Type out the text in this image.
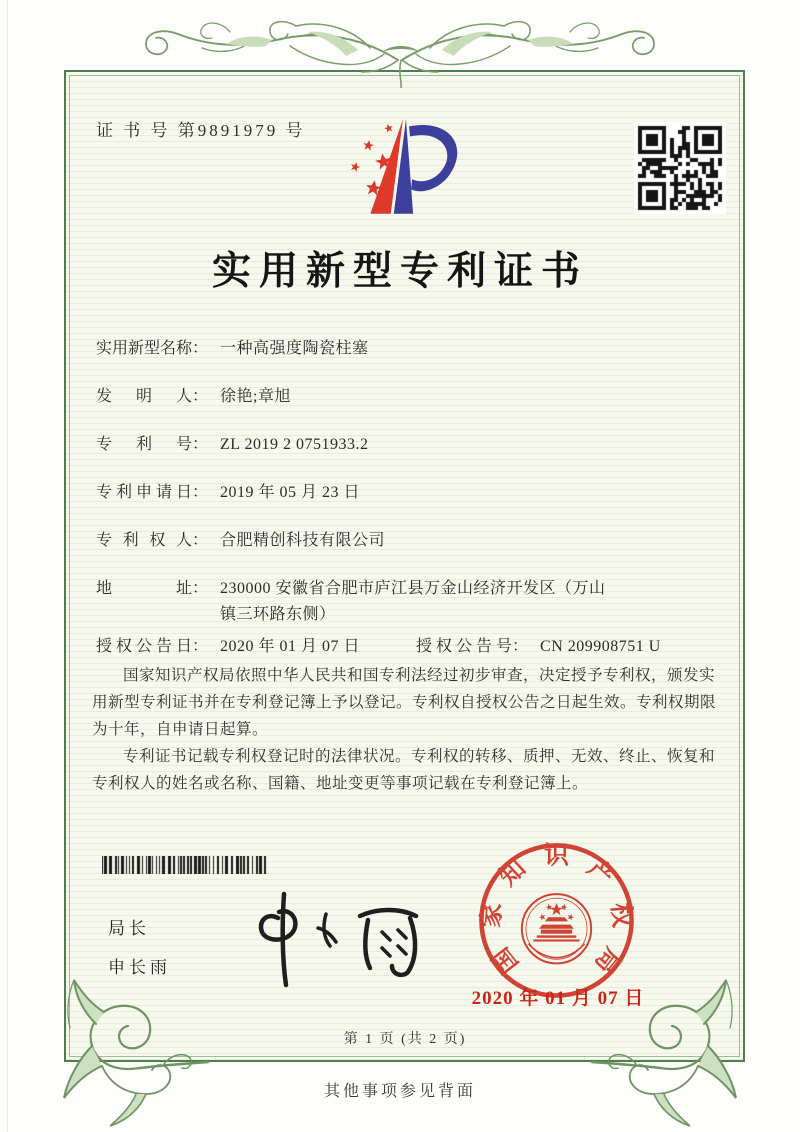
证 书 号 第9891979 号
实用新型专利证书
实用新型名称： 一种高强度陶瓷柱塞
发明人： 徐艳;章旭
专利号： ZL 2019 2 0751933.2
专利申请日： 2019 年 05 月 23 日
专利权人： 合肥精创科技有限公司
地址： 230000 安徽省合肥市庐江县万金山经济开发区（万山镇三环路东侧）
授权公告日： 2020 年 01 月 07 日	授权公告号： CN 209908751 U

国家知识产权局依照中华人民共和国专利法经过初步审查，决定授予专利权，颁发实用新型专利证书并在专利登记簿上予以登记。专利权自授权公告之日起生效。专利权期限为十年，自申请日起算。

专利证书记载专利权登记时的法律状况。专利权的转移、质押、无效、终止、恢复和专利权人的姓名或名称、国籍、地址变更等事项记载在专利登记簿上。

局长
申长雨	国
家
知 识 产
权
局
2020 年 01 月 07 日
第 1 页 (共 2 页)
其他事项参见背面
